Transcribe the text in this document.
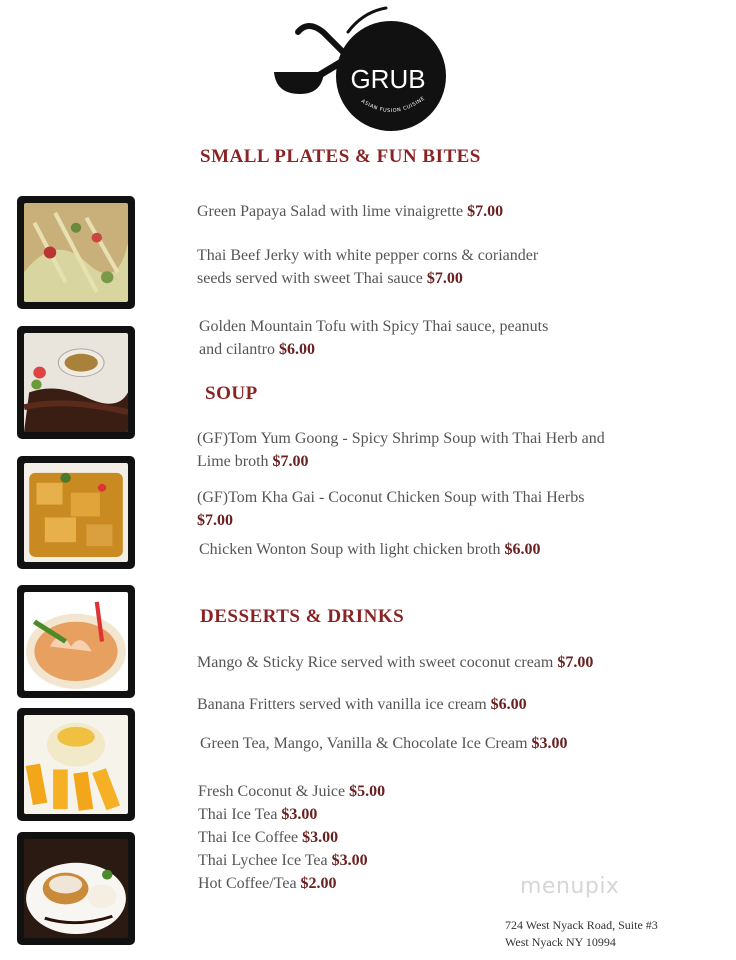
GRUB
ASIAN FUSION CUISINE
SMALL PLATES & FUN BITES
Green Papaya Salad with lime vinaigrette $7.00
Thai Beef Jerky with white pepper corns & coriander
seeds served with sweet Thai sauce $7.00
Golden Mountain Tofu with Spicy Thai sauce, peanuts
and cilantro $6.00
SOUP
(GF)Tom Yum Goong - Spicy Shrimp Soup with Thai Herb and
Lime broth $7.00
(GF)Tom Kha Gai - Coconut Chicken Soup with Thai Herbs
$7.00
Chicken Wonton Soup with light chicken broth $6.00
DESSERTS & DRINKS
Mango & Sticky Rice served with sweet coconut cream $7.00
Banana Fritters served with vanilla ice cream $6.00
Green Tea, Mango, Vanilla & Chocolate Ice Cream $3.00
Fresh Coconut & Juice $5.00
Thai Ice Tea $3.00
Thai Ice Coffee $3.00
Thai Lychee Ice Tea $3.00
Hot Coffee/Tea $2.00	menupix
724 West Nyack Road, Suite #3
West Nyack NY 10994
